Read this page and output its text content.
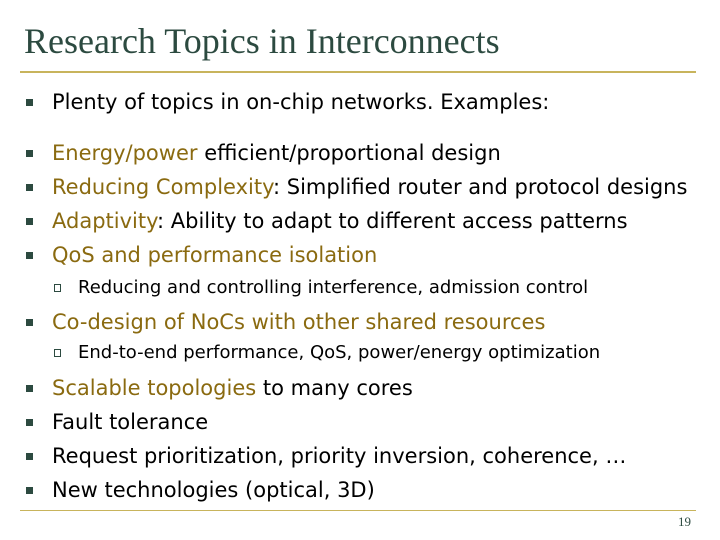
Research Topics in Interconnects
Plenty of topics in on-chip networks. Examples:
Energy/power efficient/proportional design
Reducing Complexity: Simplified router and protocol designs
Adaptivity: Ability to adapt to different access patterns
QoS and performance isolation
Reducing and controlling interference, admission control
Co-design of NoCs with other shared resources
End-to-end performance, QoS, power/energy optimization
Scalable topologies to many cores
Fault tolerance
Request prioritization, priority inversion, coherence, …
New technologies (optical, 3D)
19
